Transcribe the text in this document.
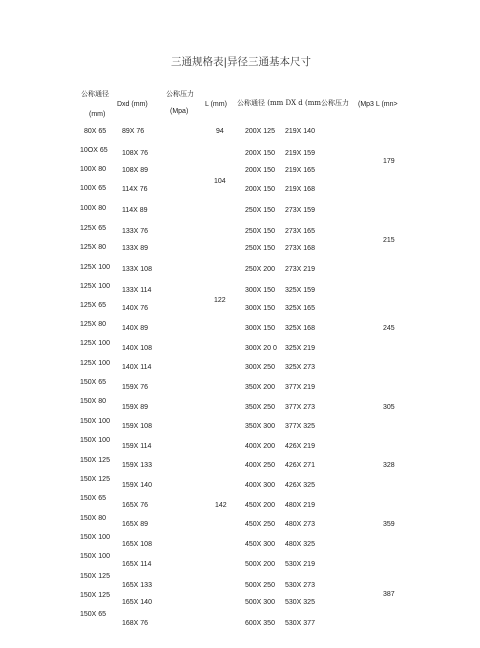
三通规格表|异径三通基本尺寸
公称通径
(mm)
Dxd (mm)
公称压力
(Mpa)
L (mm) 公称通径 (mm DX d (mm公称压力 (Mp3 L (mn>
80X 65
10OX 65
100X 80
100X 65
100X 80
125X 65
125X 80
125X 100
125X 100
125X 65
125X 80
125X 100
125X 100
150X 65
150X 80
150X 100
150X 100
150X 125
150X 125
150X 65
150X 80
150X 100
150X 100
150X 125
150X 125
150X 65
89X 76
108X 76
108X 89
114X 76
114X 89
133X 76
133X 89
133X 108
133X 114
140X 76
140X 89
140X 108
140X 114
159X 76
159X 89
159X 108
159X 114
159X 133
159X 140
165X 76
165X 89
165X 108
165X 114
165X 133
165X 140
168X 76
94
104
122
142
200X 125
200X 150
200X 150
200X 150
250X 150
250X 150
250X 150
250X 200
300X 150
300X 150
300X 150
300X 20 0
300X 250
350X 200
350X 250
350X 300
400X 200
400X 250
400X 300
450X 200
450X 250
450X 300
500X 200
500X 250
500X 300
600X 350
219X 140
219X 159
219X 165
219X 168
273X 159
273X 165
273X 168
273X 219
325X 159
325X 165
325X 168
325X 219
325X 273
377X 219
377X 273
377X 325
426X 219
426X 271
426X 325
480X 219
480X 273
480X 325
530X 219
530X 273
530X 325
530X 377
179
215
245
305
328
359
387
